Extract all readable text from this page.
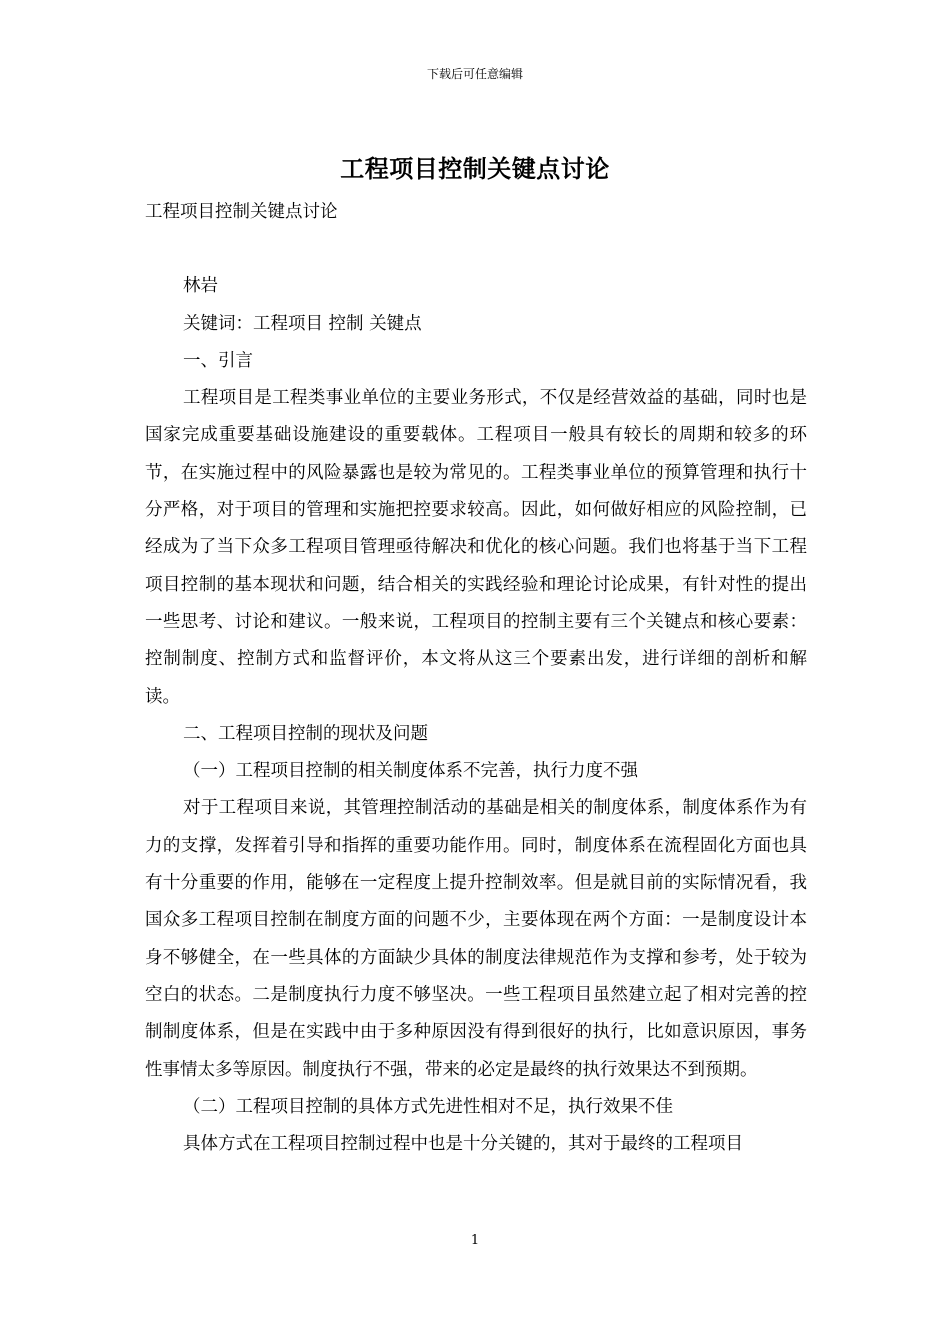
下载后可任意编辑
工程项目控制关键点讨论

工程项目控制关键点讨论

林岩

关键词：工程项目 控制 关键点

一、引言

工程项目是工程类事业单位的主要业务形式，不仅是经营效益的基础，同时也是国家完成重要基础设施建设的重要载体。工程项目一般具有较长的周期和较多的环节，在实施过程中的风险暴露也是较为常见的。工程类事业单位的预算管理和执行十分严格，对于项目的管理和实施把控要求较高。因此，如何做好相应的风险控制，已经成为了当下众多工程项目管理亟待解决和优化的核心问题。我们也将基于当下工程项目控制的基本现状和问题，结合相关的实践经验和理论讨论成果，有针对性的提出一些思考、讨论和建议。一般来说，工程项目的控制主要有三个关键点和核心要素：控制制度、控制方式和监督评价，本文将从这三个要素出发，进行详细的剖析和解读。

二、工程项目控制的现状及问题

（一）工程项目控制的相关制度体系不完善，执行力度不强

对于工程项目来说，其管理控制活动的基础是相关的制度体系，制度体系作为有力的支撑，发挥着引导和指挥的重要功能作用。同时，制度体系在流程固化方面也具有十分重要的作用，能够在一定程度上提升控制效率。但是就目前的实际情况看，我国众多工程项目控制在制度方面的问题不少，主要体现在两个方面：一是制度设计本身不够健全，在一些具体的方面缺少具体的制度法律规范作为支撑和参考，处于较为空白的状态。二是制度执行力度不够坚决。一些工程项目虽然建立起了相对完善的控制制度体系，但是在实践中由于多种原因没有得到很好的执行，比如意识原因，事务性事情太多等原因。制度执行不强，带来的必定是最终的执行效果达不到预期。

（二）工程项目控制的具体方式先进性相对不足，执行效果不佳

具体方式在工程项目控制过程中也是十分关键的，其对于最终的工程项目

1
